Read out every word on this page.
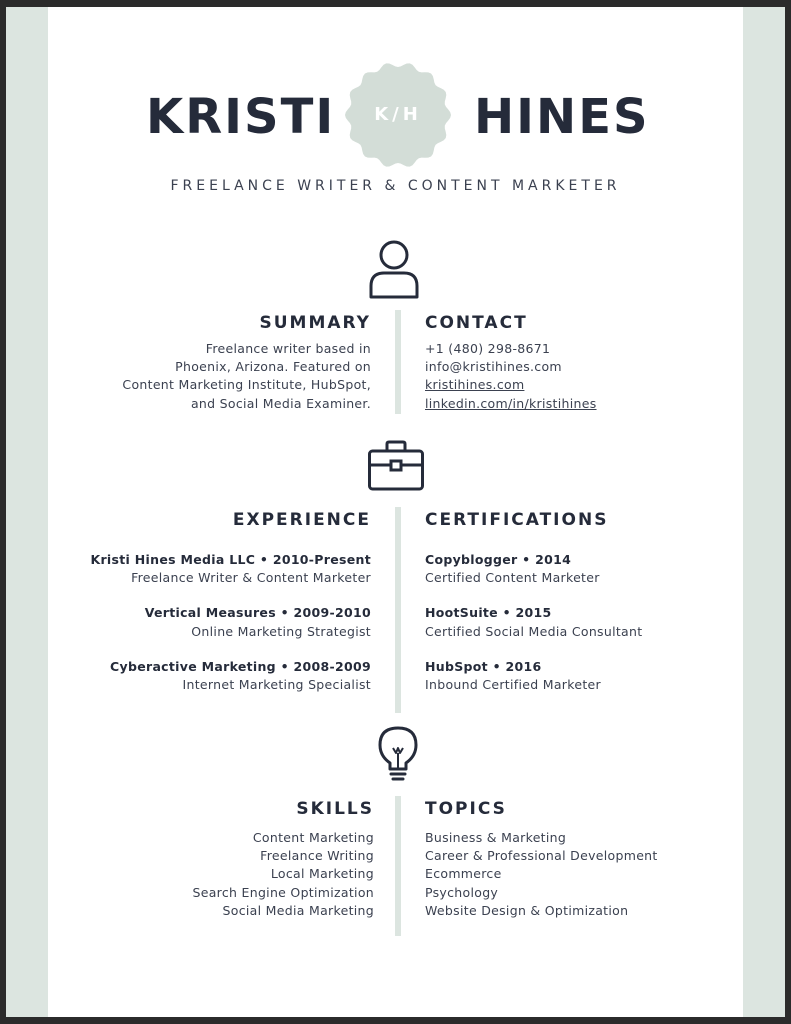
KRISTI	K/H	HINES
FREELANCE WRITER & CONTENT MARKETER
SUMMARY	CONTACT
Freelance writer based in
Phoenix, Arizona. Featured on
Content Marketing Institute, HubSpot,
and Social Media Examiner.
+1 (480) 298-8671
info@kristihines.com
kristihines.com
linkedin.com/in/kristihines
EXPERIENCE	CERTIFICATIONS
Kristi Hines Media LLC • 2010-Present
Freelance Writer & Content Marketer
Vertical Measures • 2009-2010
Online Marketing Strategist
Cyberactive Marketing • 2008-2009
Internet Marketing Specialist
Copyblogger • 2014
Certified Content Marketer
HootSuite • 2015
Certified Social Media Consultant
HubSpot • 2016
Inbound Certified Marketer
SKILLS	TOPICS
Content Marketing
Freelance Writing
Local Marketing
Search Engine Optimization
Social Media Marketing
Business & Marketing
Career & Professional Development
Ecommerce
Psychology
Website Design & Optimization
